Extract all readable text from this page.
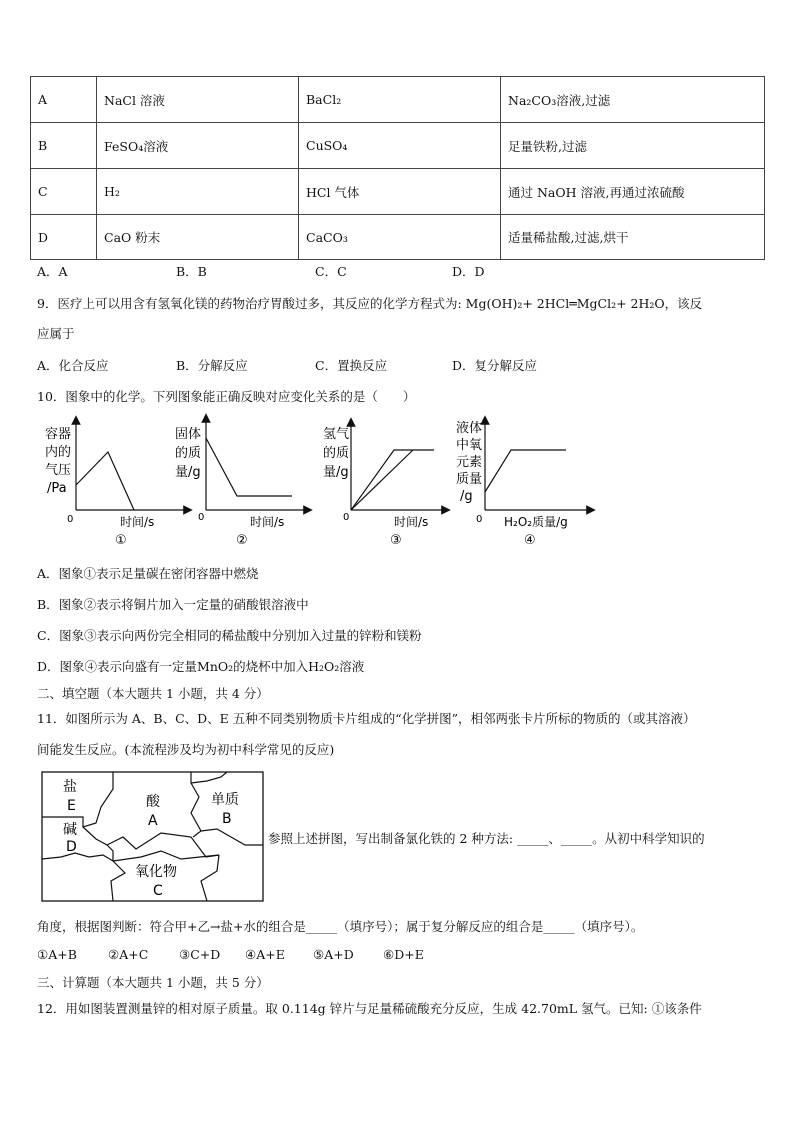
A	NaCl 溶液	BaCl₂	Na₂CO₃溶液,过滤
B	FeSO₄溶液	CuSO₄	足量铁粉,过滤
C	H₂	HCl 气体	通过 NaOH 溶液,再通过浓硫酸
D	CaO 粉末	CaCO₃	适量稀盐酸,过滤,烘干
A．A	B．B	C．C	D．D
9．医疗上可以用含有氢氧化镁的药物治疗胃酸过多，其反应的化学方程式为: Mg(OH)₂+ 2HCl═MgCl₂+ 2H₂O，该反
应属于
A．化合反应	B．分解反应	C．置换反应	D．复分解反应
10．图象中的化学。下列图象能正确反映对应变化关系的是（　　）
容器
内的
气压
/Pa
0	时间/s
①
固体
的质
量/g
0	时间/s
②
氢气
的质
量/g
0	时间/s
③
液体
中氧
元素
质量
/g
0 H₂O₂质量/g
④
A．图象①表示足量碳在密闭容器中燃烧
B．图象②表示将铜片加入一定量的硝酸银溶液中
C．图象③表示向两份完全相同的稀盐酸中分别加入过量的锌粉和镁粉
D．图象④表示向盛有一定量MnO₂的烧杯中加入H₂O₂溶液
二、填空题（本大题共 1 小题，共 4 分）
11．如图所示为 A、B、C、D、E 五种不同类别物质卡片组成的“化学拼图”，相邻两张卡片所标的物质的（或其溶液）
间能发生反应。(本流程涉及均为初中科学常见的反应)
盐
E
碱
D
酸
A
单质
B
氧化物
C
参照上述拼图，写出制备氯化铁的 2 种方法: _____、_____。从初中科学知识的
角度，根据图判断：符合甲+乙→盐+水的组合是_____（填序号）；属于复分解反应的组合是_____（填序号）。
①A+B ②A+C ③C+D ④A+E ⑤A+D ⑥D+E
三、计算题（本大题共 1 小题，共 5 分）
12．用如图装置测量锌的相对原子质量。取 0.114g 锌片与足量稀硫酸充分反应，生成 42.70mL 氢气。已知: ①该条件
